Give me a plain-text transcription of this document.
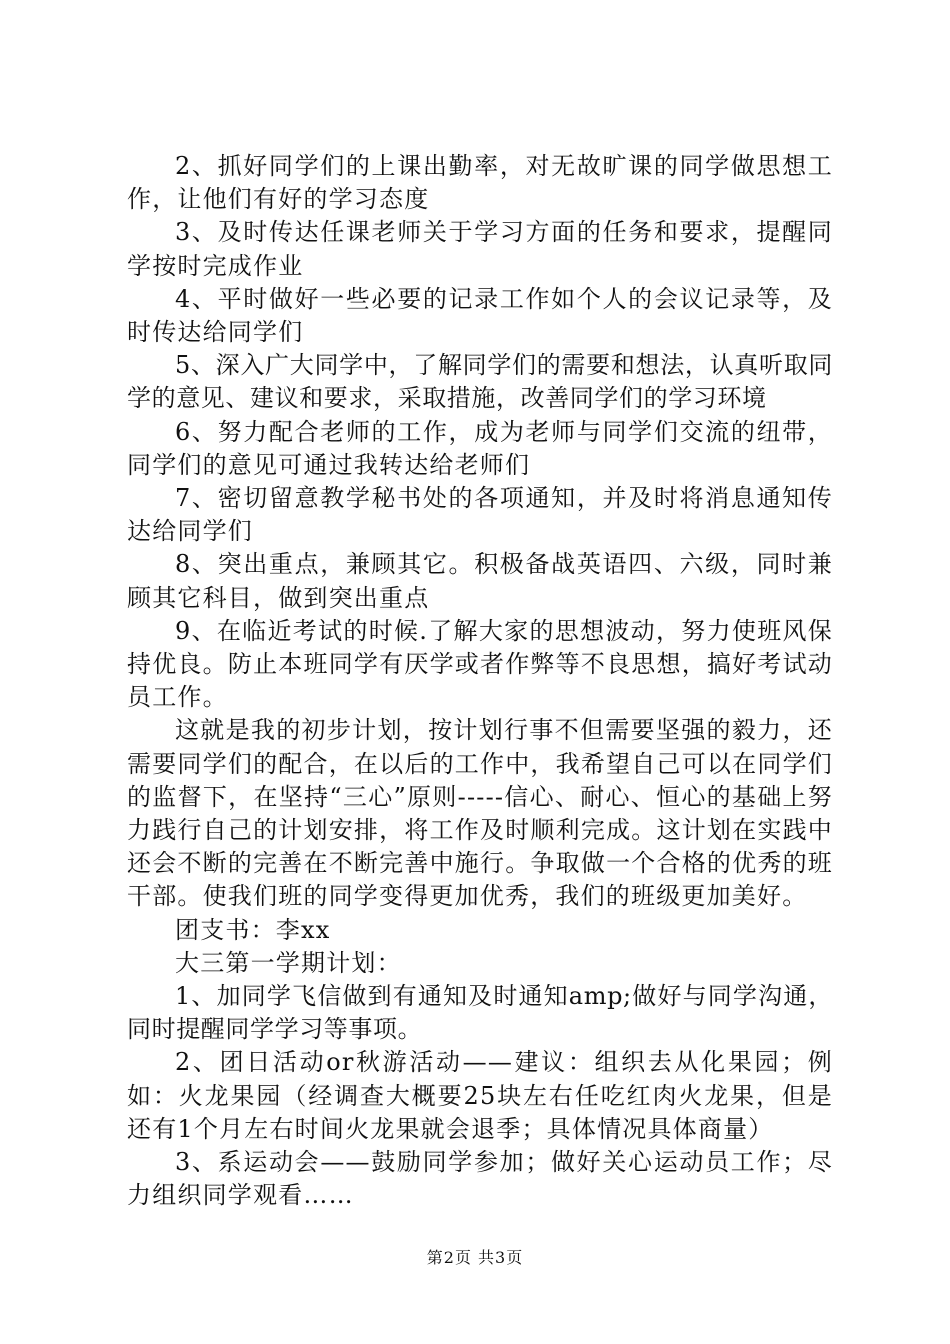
2、抓好同学们的上课出勤率，对无故旷课的同学做思想工作，让他们有好的学习态度

3、及时传达任课老师关于学习方面的任务和要求，提醒同学按时完成作业

4、平时做好一些必要的记录工作如个人的会议记录等，及时传达给同学们

5、深入广大同学中，了解同学们的需要和想法，认真听取同学的意见、建议和要求，采取措施，改善同学们的学习环境

6、努力配合老师的工作，成为老师与同学们交流的纽带，同学们的意见可通过我转达给老师们

7、密切留意教学秘书处的各项通知，并及时将消息通知传达给同学们

8、突出重点，兼顾其它。积极备战英语四、六级，同时兼顾其它科目，做到突出重点

9、在临近考试的时候.了解大家的思想波动，努力使班风保持优良。防止本班同学有厌学或者作弊等不良思想，搞好考试动员工作。

这就是我的初步计划，按计划行事不但需要坚强的毅力，还需要同学们的配合，在以后的工作中，我希望自己可以在同学们的监督下，在坚持“三心”原则-----信心、耐心、恒心的基础上努力践行自己的计划安排，将工作及时顺利完成。这计划在实践中还会不断的完善在不断完善中施行。争取做一个合格的优秀的班干部。使我们班的同学变得更加优秀，我们的班级更加美好。

团支书：李xx

大三第一学期计划：

1、加同学飞信做到有通知及时通知amp;做好与同学沟通，同时提醒同学学习等事项。

2、团日活动or秋游活动——建议：组织去从化果园；例如：火龙果园（经调查大概要25块左右任吃红肉火龙果，但是还有1个月左右时间火龙果就会退季；具体情况具体商量）

3、系运动会——鼓励同学参加；做好关心运动员工作；尽力组织同学观看……

第2页 共3页
